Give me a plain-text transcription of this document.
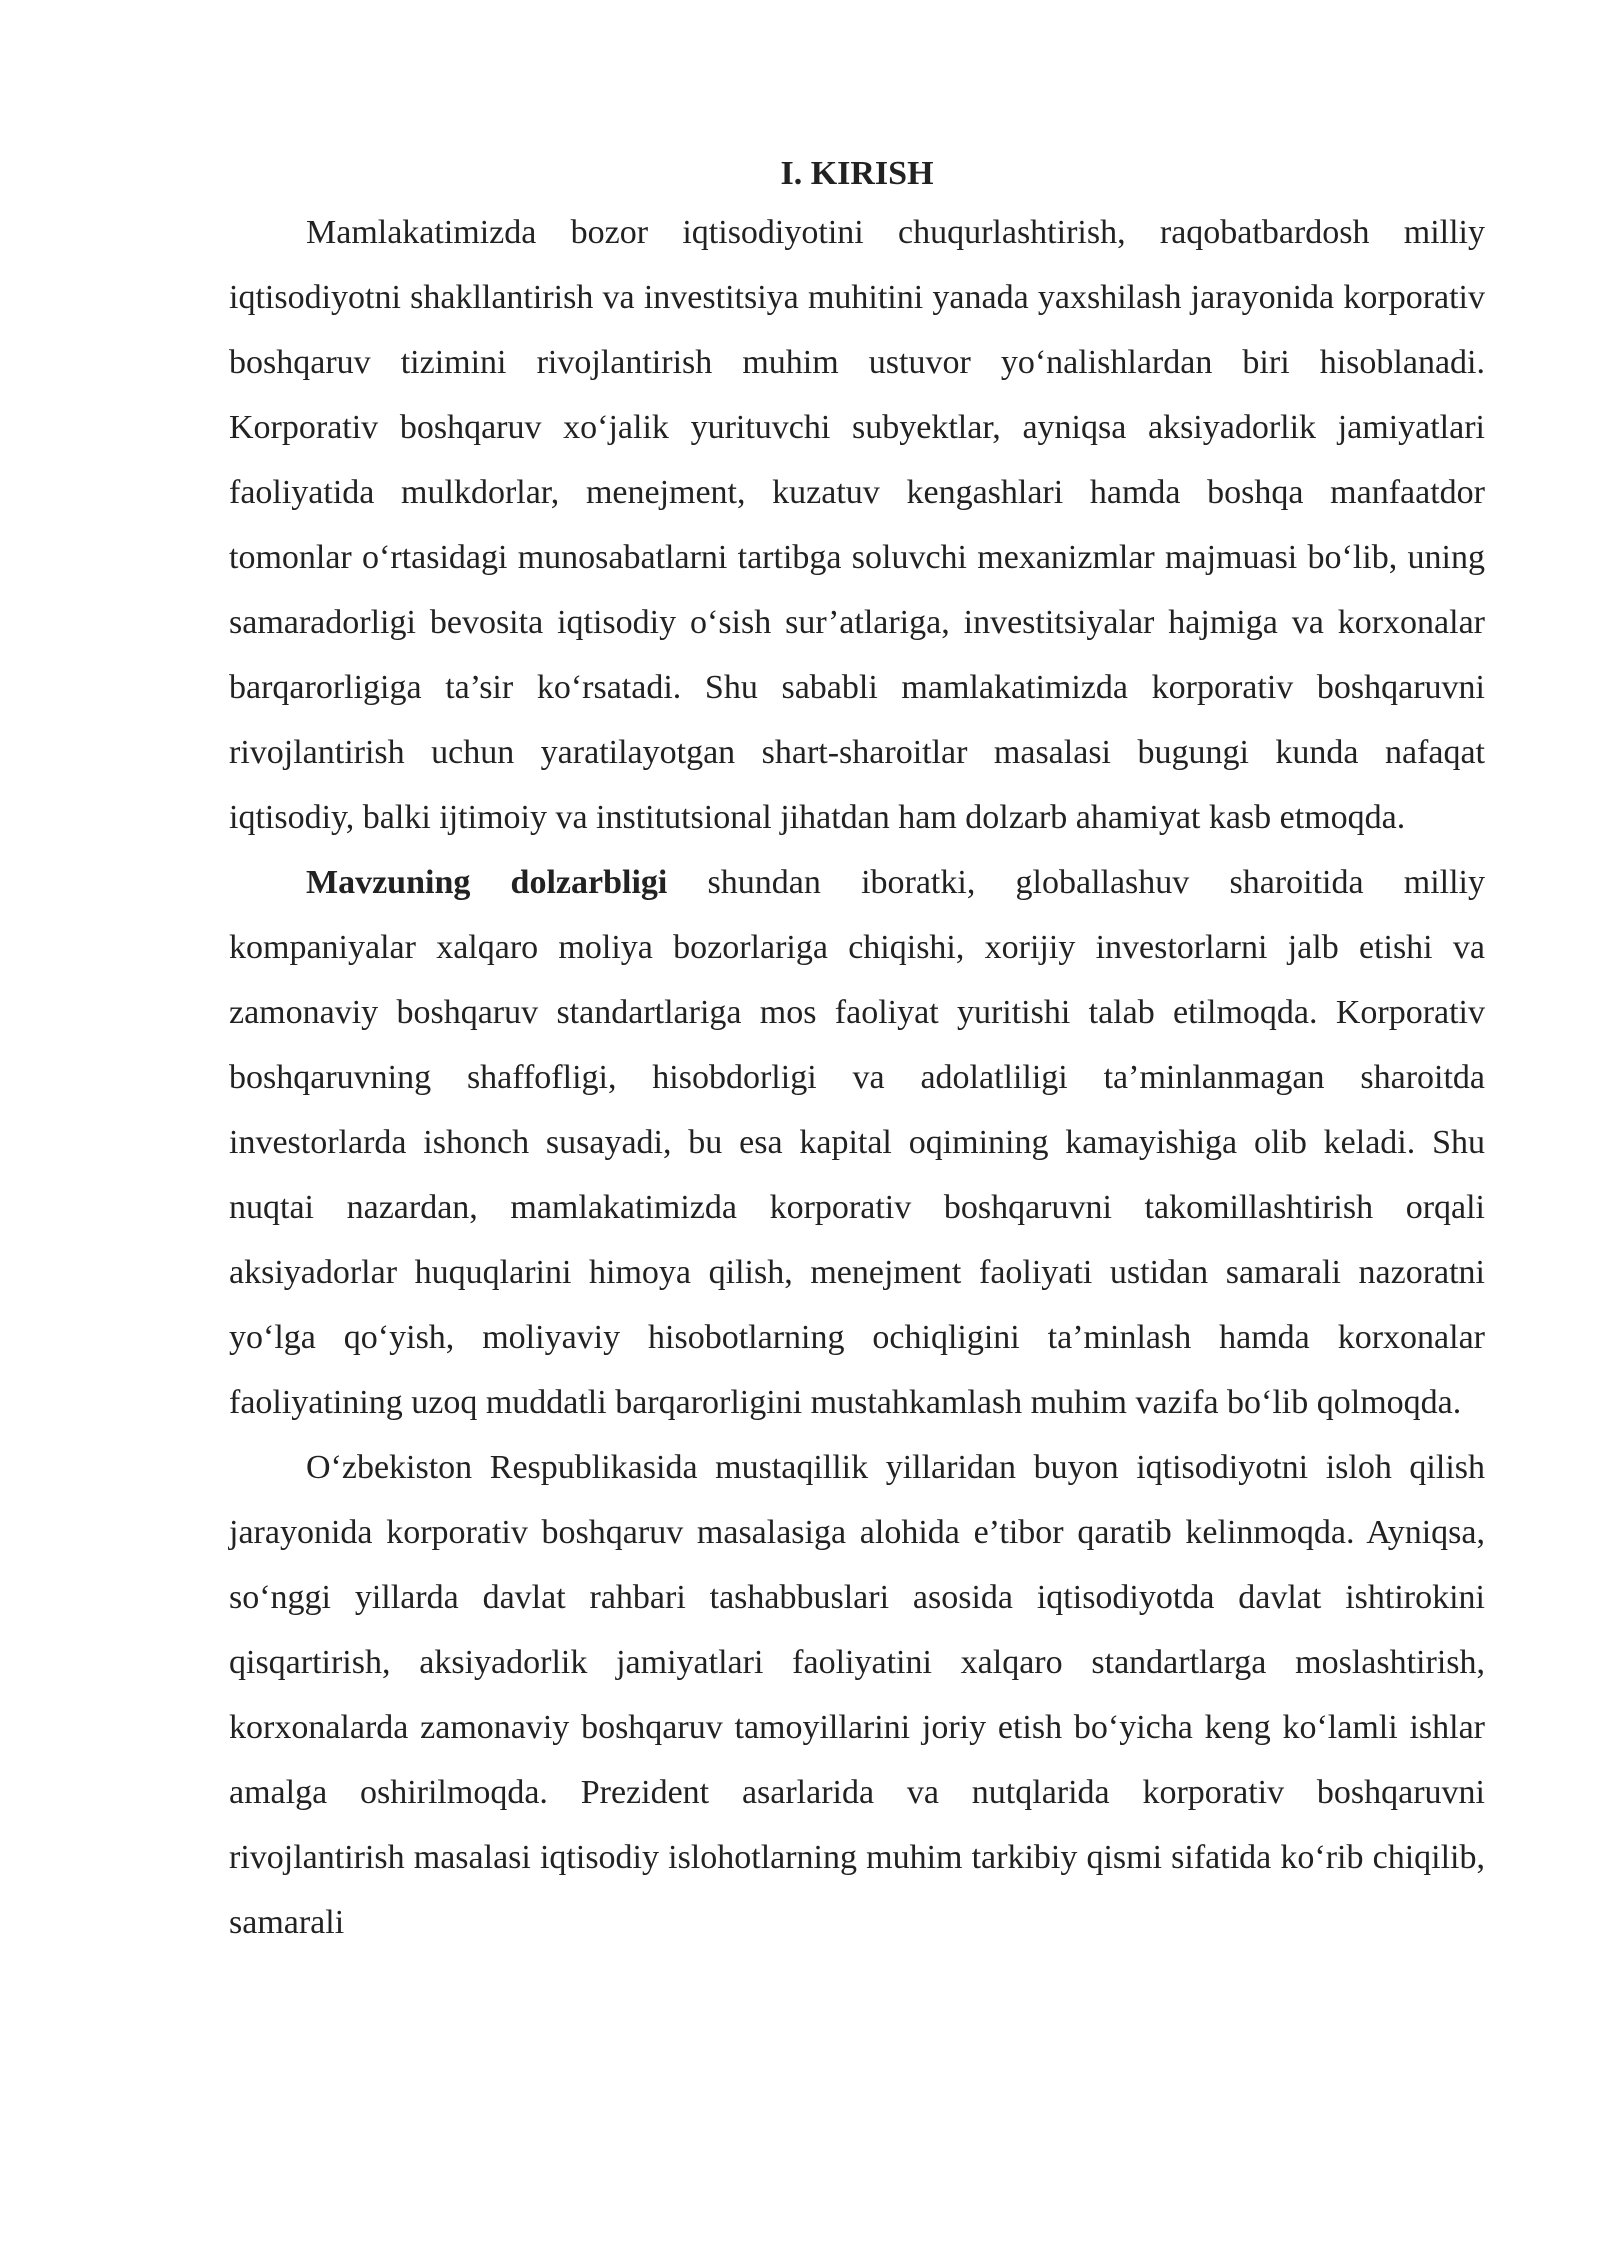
I. KIRISH

Mamlakatimizda bozor iqtisodiyotini chuqurlashtirish, raqobatbardosh milliy iqtisodiyotni shakllantirish va investitsiya muhitini yanada yaxshilash jarayonida korporativ boshqaruv tizimini rivojlantirish muhim ustuvor yo‘nalishlardan biri hisoblanadi. Korporativ boshqaruv xo‘jalik yurituvchi subyektlar, ayniqsa aksiyadorlik jamiyatlari faoliyatida mulkdorlar, menejment, kuzatuv kengashlari hamda boshqa manfaatdor tomonlar o‘rtasidagi munosabatlarni tartibga soluvchi mexanizmlar majmuasi bo‘lib, uning samaradorligi bevosita iqtisodiy o‘sish sur’atlariga, investitsiyalar hajmiga va korxonalar barqarorligiga ta’sir ko‘rsatadi. Shu sababli mamlakatimizda korporativ boshqaruvni rivojlantirish uchun yaratilayotgan shart-sharoitlar masalasi bugungi kunda nafaqat iqtisodiy, balki ijtimoiy va institutsional jihatdan ham dolzarb ahamiyat kasb etmoqda.

Mavzuning dolzarbligi shundan iboratki, globallashuv sharoitida milliy kompaniyalar xalqaro moliya bozorlariga chiqishi, xorijiy investorlarni jalb etishi va zamonaviy boshqaruv standartlariga mos faoliyat yuritishi talab etilmoqda. Korporativ boshqaruvning shaffofligi, hisobdorligi va adolatliligi ta’minlanmagan sharoitda investorlarda ishonch susayadi, bu esa kapital oqimining kamayishiga olib keladi. Shu nuqtai nazardan, mamlakatimizda korporativ boshqaruvni takomillashtirish orqali aksiyadorlar huquqlarini himoya qilish, menejment faoliyati ustidan samarali nazoratni yo‘lga qo‘yish, moliyaviy hisobotlarning ochiqligini ta’minlash hamda korxonalar faoliyatining uzoq muddatli barqarorligini mustahkamlash muhim vazifa bo‘lib qolmoqda.

O‘zbekiston Respublikasida mustaqillik yillaridan buyon iqtisodiyotni isloh qilish jarayonida korporativ boshqaruv masalasiga alohida e’tibor qaratib kelinmoqda. Ayniqsa, so‘nggi yillarda davlat rahbari tashabbuslari asosida iqtisodiyotda davlat ishtirokini qisqartirish, aksiyadorlik jamiyatlari faoliyatini xalqaro standartlarga moslashtirish, korxonalarda zamonaviy boshqaruv tamoyillarini joriy etish bo‘yicha keng ko‘lamli ishlar amalga oshirilmoqda. Prezident asarlarida va nutqlarida korporativ boshqaruvni rivojlantirish masalasi iqtisodiy islohotlarning muhim tarkibiy qismi sifatida ko‘rib chiqilib, samarali
